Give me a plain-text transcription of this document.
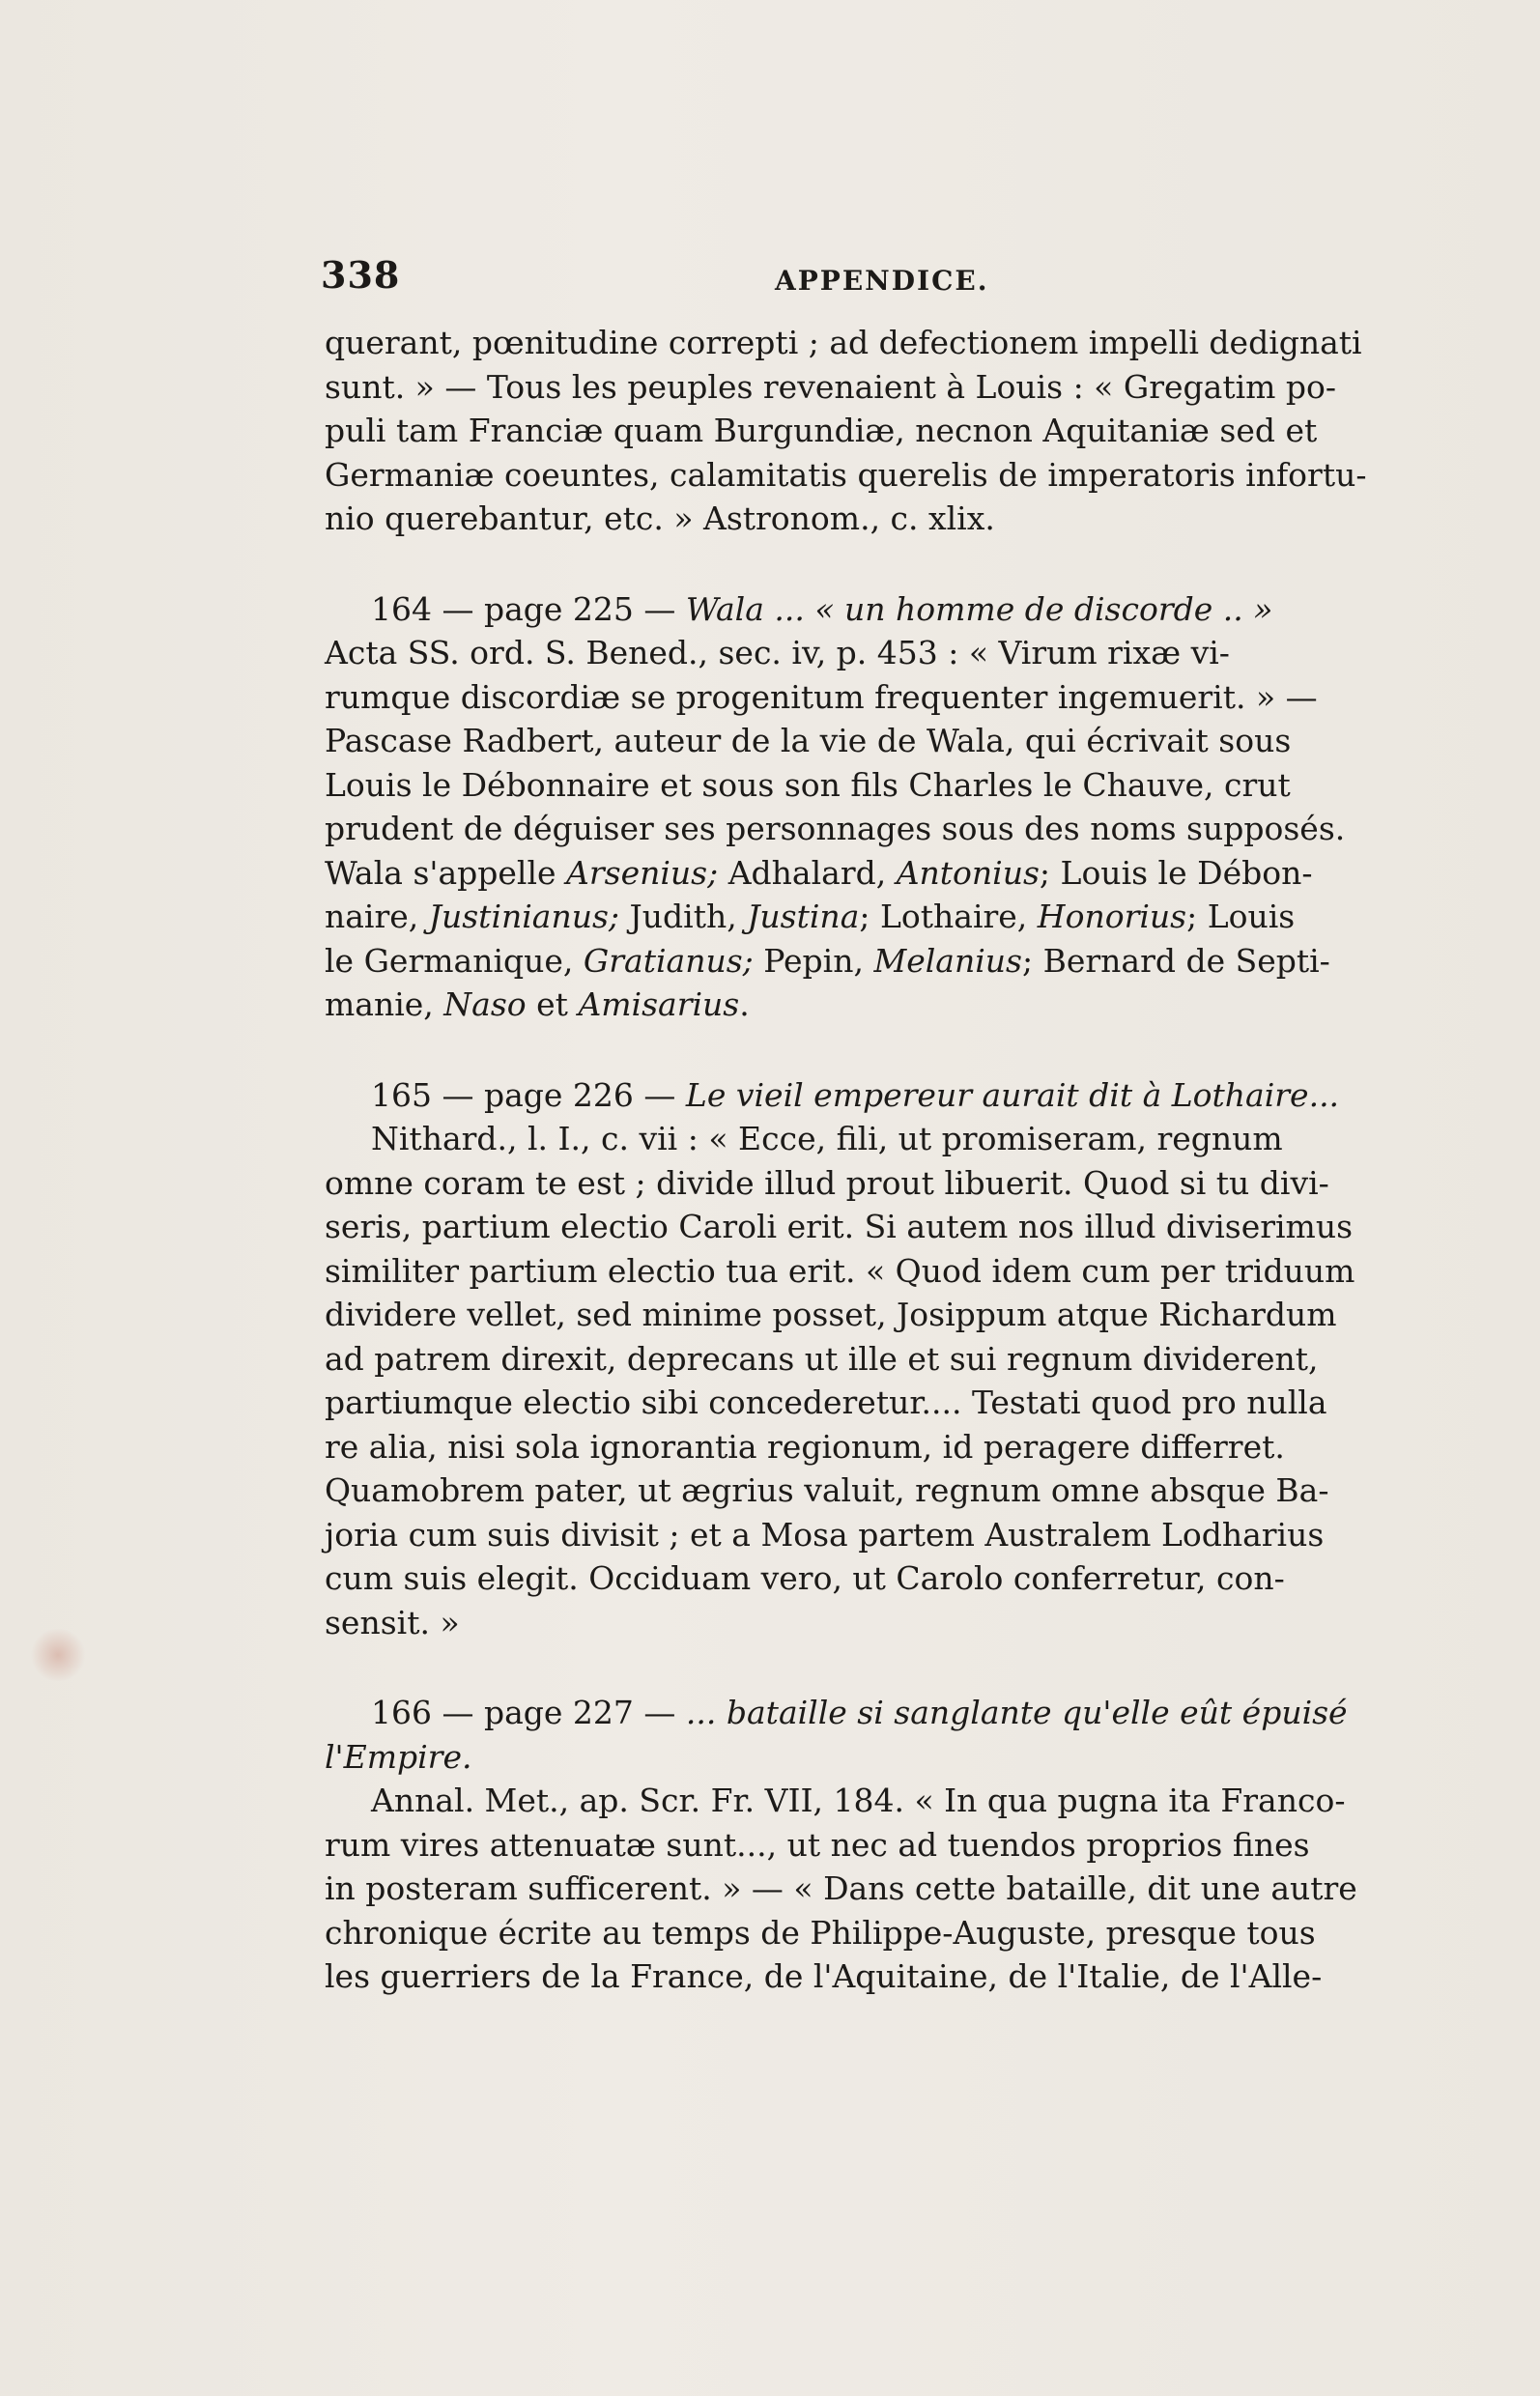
338	APPENDICE.
querant, pœnitudine correpti ; ad defectionem impelli dedignati
sunt. » — Tous les peuples revenaient à Louis : « Gregatim po-
puli tam Franciæ quam Burgundiæ, necnon Aquitaniæ sed et
Germaniæ coeuntes, calamitatis querelis de imperatoris infortu-
nio querebantur, etc. » Astronom., c. xlix.
164 — page 225 — Wala ... « un homme de discorde .. »
Acta SS. ord. S. Bened., sec. iv, p. 453 : « Virum rixæ vi-
rumque discordiæ se progenitum frequenter ingemuerit. » —
Pascase Radbert, auteur de la vie de Wala, qui écrivait sous
Louis le Débonnaire et sous son fils Charles le Chauve, crut
prudent de déguiser ses personnages sous des noms supposés.
Wala s'appelle Arsenius; Adhalard, Antonius; Louis le Débon-
naire, Justinianus; Judith, Justina; Lothaire, Honorius; Louis
le Germanique, Gratianus; Pepin, Melanius; Bernard de Septi-
manie, Naso et Amisarius.
165 — page 226 — Le vieil empereur aurait dit à Lothaire...
Nithard., l. I., c. vii : « Ecce, fili, ut promiseram, regnum
omne coram te est ; divide illud prout libuerit. Quod si tu divi-
seris, partium electio Caroli erit. Si autem nos illud diviserimus
similiter partium electio tua erit. « Quod idem cum per triduum
dividere vellet, sed minime posset, Josippum atque Richardum
ad patrem direxit, deprecans ut ille et sui regnum dividerent,
partiumque electio sibi concederetur.... Testati quod pro nulla
re alia, nisi sola ignorantia regionum, id peragere differret.
Quamobrem pater, ut ægrius valuit, regnum omne absque Ba-
joria cum suis divisit ; et a Mosa partem Australem Lodharius
cum suis elegit. Occiduam vero, ut Carolo conferretur, con-
sensit. »
166 — page 227 — ... bataille si sanglante qu'elle eût épuisé
l'Empire.
Annal. Met., ap. Scr. Fr. VII, 184. « In qua pugna ita Franco-
rum vires attenuatæ sunt..., ut nec ad tuendos proprios fines
in posteram sufficerent. » — « Dans cette bataille, dit une autre
chronique écrite au temps de Philippe-Auguste, presque tous
les guerriers de la France, de l'Aquitaine, de l'Italie, de l'Alle-
